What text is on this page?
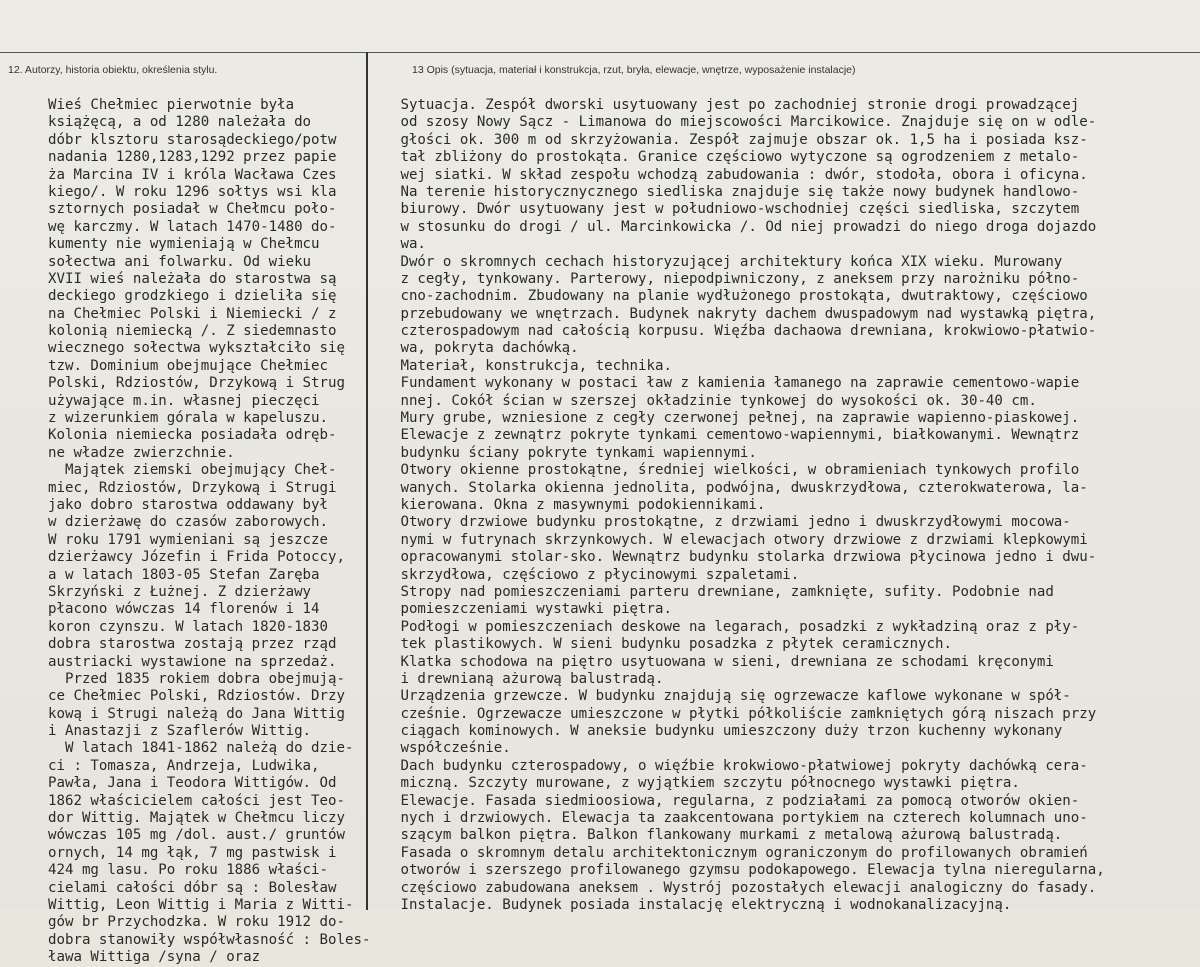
12. Autorzy, historia obiektu, określenia stylu.	13 Opis (sytuacja, materiał i konstrukcja, rzut, bryła, elewacje, wnętrze, wyposażenie instalacje)
Wieś Chełmiec pierwotnie była
książęcą, a od 1280 należała do
dóbr klsztoru starosądeckiego/potw
nadania 1280,1283,1292 przez papie
ża Marcina IV i króla Wacława Czes
kiego/. W roku 1296 sołtys wsi kla
sztornych posiadał w Chełmcu poło-
wę karczmy. W latach 1470-1480 do-
kumenty nie wymieniają w Chełmcu
sołectwa ani folwarku. Od wieku
XVII wieś należała do starostwa są
deckiego grodzkiego i dzieliła się
na Chełmiec Polski i Niemiecki / z
kolonią niemiecką /. Z siedemnasto
wiecznego sołectwa wykształciło się
tzw. Dominium obejmujące Chełmiec
Polski, Rdziostów, Drzykową i Strug
używające m.in. własnej pieczęci
z wizerunkiem górala w kapeluszu.
Kolonia niemiecka posiadała odręb-
ne władze zwierzchnie.
Majątek ziemski obejmujący Cheł-
miec, Rdziostów, Drzykową i Strugi
jako dobro starostwa oddawany był
w dzierżawę do czasów zaborowych.
W roku 1791 wymieniani są jeszcze
dzierżawcy Józefin i Frida Potoccy,
a w latach 1803-05 Stefan Zaręba
Skrzyński z Łużnej. Z dzierżawy
płacono wówczas 14 florenów i 14
koron czynszu. W latach 1820-1830
dobra starostwa zostają przez rząd
austriacki wystawione na sprzedaż.
Przed 1835 rokiem dobra obejmują-
ce Chełmiec Polski, Rdziostów. Drzy
kową i Strugi należą do Jana Wittig
i Anastazji z Szaflerów Wittig.
W latach 1841-1862 należą do dzie-
ci : Tomasza, Andrzeja, Ludwika,
Pawła, Jana i Teodora Wittigów. Od
1862 właścicielem całości jest Teo-
dor Wittig. Majątek w Chełmcu liczy
wówczas 105 mg /dol. aust./ gruntów
ornych, 14 mg łąk, 7 mg pastwisk i
424 mg lasu. Po roku 1886 właści-
cielami całości dóbr są : Bolesław
Wittig, Leon Wittig i Maria z Witti-
gów br Przychodzka. W roku 1912 do-
dobra stanowiły współwłasność : Boles-
ława Wittiga /syna / oraz
Sytuacja. Zespół dworski usytuowany jest po zachodniej stronie drogi prowadzącej
od szosy Nowy Sącz - Limanowa do miejscowości Marcikowice. Znajduje się on w odle-
głości ok. 300 m od skrzyżowania. Zespół zajmuje obszar ok. 1,5 ha i posiada ksz-
tał zbliżony do prostokąta. Granice częściowo wytyczone są ogrodzeniem z metalo-
wej siatki. W skład zespołu wchodzą zabudowania : dwór, stodoła, obora i oficyna.
Na terenie historycznycznego siedliska znajduje się także nowy budynek handlowo-
biurowy. Dwór usytuowany jest w południowo-wschodniej części siedliska, szczytem
w stosunku do drogi / ul. Marcinkowicka /. Od niej prowadzi do niego droga dojazdo
wa.
Dwór o skromnych cechach historyzującej architektury końca XIX wieku. Murowany
z cegły, tynkowany. Parterowy, niepodpiwniczony, z aneksem przy narożniku półno-
cno-zachodnim. Zbudowany na planie wydłużonego prostokąta, dwutraktowy, częściowo
przebudowany we wnętrzach. Budynek nakryty dachem dwuspadowym nad wystawką piętra,
czterospadowym nad całością korpusu. Więźba dachaowa drewniana, krokwiowo-płatwio-
wa, pokryta dachówką.
Materiał, konstrukcja, technika.
Fundament wykonany w postaci ław z kamienia łamanego na zaprawie cementowo-wapie
nnej. Cokół ścian w szerszej okładzinie tynkowej do wysokości ok. 30-40 cm.
Mury grube, wzniesione z cegły czerwonej pełnej, na zaprawie wapienno-piaskowej.
Elewacje z zewnątrz pokryte tynkami cementowo-wapiennymi, białkowanymi. Wewnątrz
budynku ściany pokryte tynkami wapiennymi.
Otwory okienne prostokątne, średniej wielkości, w obramieniach tynkowych profilo
wanych. Stolarka okienna jednolita, podwójna, dwuskrzydłowa, czterokwaterowa, la-
kierowana. Okna z masywnymi podokiennikami.
Otwory drzwiowe budynku prostokątne, z drzwiami jedno i dwuskrzydłowymi mocowa-
nymi w futrynach skrzynkowych. W elewacjach otwory drzwiowe z drzwiami klepkowymi
opracowanymi stolar-sko. Wewnątrz budynku stolarka drzwiowa płycinowa jedno i dwu-
skrzydłowa, częściowo z płycinowymi szpaletami.
Stropy nad pomieszczeniami parteru drewniane, zamknięte, sufity. Podobnie nad
pomieszczeniami wystawki piętra.
Podłogi w pomieszczeniach deskowe na legarach, posadzki z wykładziną oraz z pły-
tek plastikowych. W sieni budynku posadzka z płytek ceramicznych.
Klatka schodowa na piętro usytuowana w sieni, drewniana ze schodami kręconymi
i drewnianą ażurową balustradą.
Urządzenia grzewcze. W budynku znajdują się ogrzewacze kaflowe wykonane w spół-
cześnie. Ogrzewacze umieszczone w płytki półkoliście zamkniętych górą niszach przy
ciągach kominowych. W aneksie budynku umieszczony duży trzon kuchenny wykonany
współcześnie.
Dach budynku czterospadowy, o więźbie krokwiowo-płatwiowej pokryty dachówką cera-
miczną. Szczyty murowane, z wyjątkiem szczytu północnego wystawki piętra.
Elewacje. Fasada siedmioosiowa, regularna, z podziałami za pomocą otworów okien-
nych i drzwiowych. Elewacja ta zaakcentowana portykiem na czterech kolumnach uno-
szącym balkon piętra. Balkon flankowany murkami z metalową ażurową balustradą.
Fasada o skromnym detalu architektonicznym ograniczonym do profilowanych obramień
otworów i szerszego profilowanego gzymsu podokapowego. Elewacja tylna nieregularna,
częściowo zabudowana aneksem . Wystrój pozostałych elewacji analogiczny do fasady.
Instalacje. Budynek posiada instalację elektryczną i wodnokanalizacyjną.
